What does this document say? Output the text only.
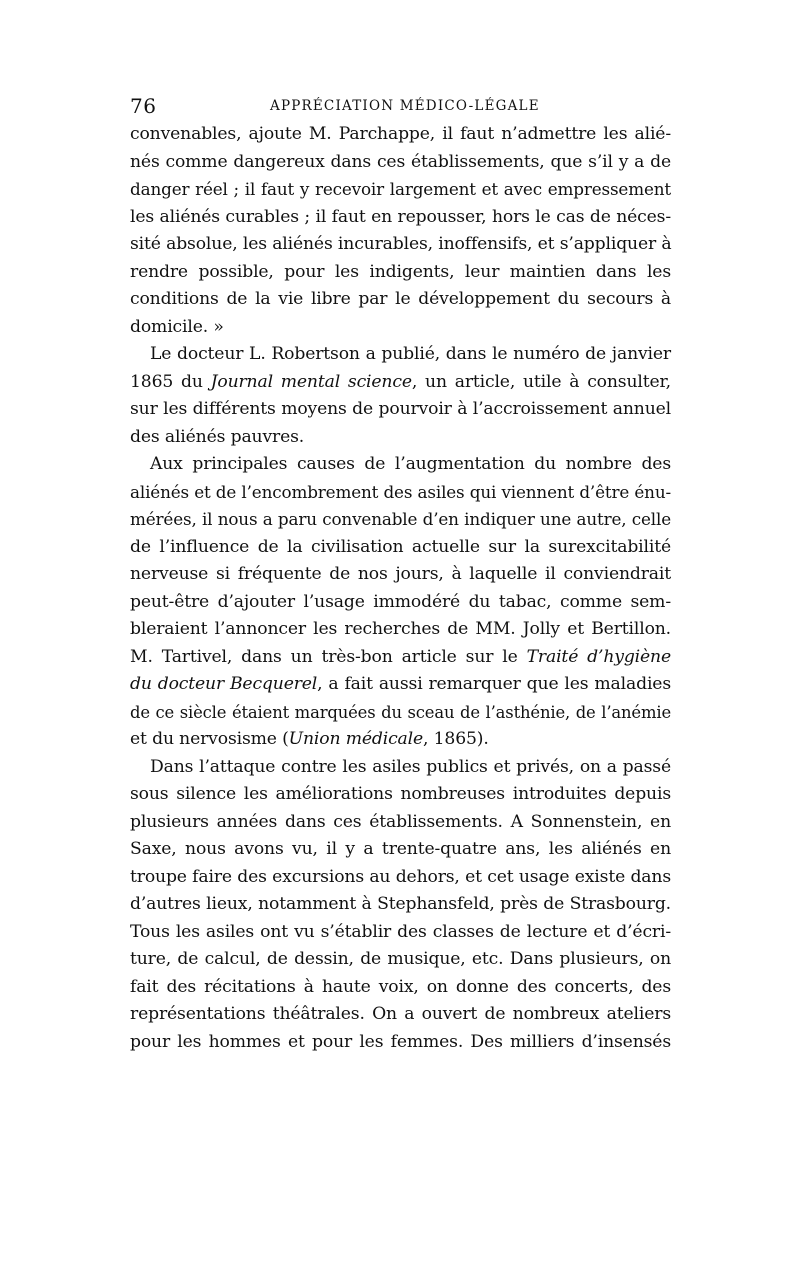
76	APPRÉCIATION MÉDICO-LÉGALE
convenables, ajoute M. Parchappe, il faut n’admettre les alié-
nés comme dangereux dans ces établissements, que s’il y a de
danger réel ; il faut y recevoir largement et avec empressement
les aliénés curables ; il faut en repousser, hors le cas de néces-
sité absolue, les aliénés incurables, inoffensifs, et s’appliquer à
rendre possible, pour les indigents, leur maintien dans les
conditions de la vie libre par le développement du secours à
domicile. »
Le docteur L. Robertson a publié, dans le numéro de janvier
1865 du Journal mental science, un article, utile à consulter,
sur les différents moyens de pourvoir à l’accroissement annuel
des aliénés pauvres.
Aux principales causes de l’augmentation du nombre des
aliénés et de l’encombrement des asiles qui viennent d’être énu-
mérées, il nous a paru convenable d’en indiquer une autre, celle
de l’influence de la civilisation actuelle sur la surexcitabilité
nerveuse si fréquente de nos jours, à laquelle il conviendrait
peut-être d’ajouter l’usage immodéré du tabac, comme sem-
bleraient l’annoncer les recherches de MM. Jolly et Bertillon.
M. Tartivel, dans un très-bon article sur le Traité d’hygiène
du docteur Becquerel, a fait aussi remarquer que les maladies
de ce siècle étaient marquées du sceau de l’asthénie, de l’anémie
et du nervosisme (Union médicale, 1865).
Dans l’attaque contre les asiles publics et privés, on a passé
sous silence les améliorations nombreuses introduites depuis
plusieurs années dans ces établissements. A Sonnenstein, en
Saxe, nous avons vu, il y a trente-quatre ans, les aliénés en
troupe faire des excursions au dehors, et cet usage existe dans
d’autres lieux, notamment à Stephansfeld, près de Strasbourg.
Tous les asiles ont vu s’établir des classes de lecture et d’écri-
ture, de calcul, de dessin, de musique, etc. Dans plusieurs, on
fait des récitations à haute voix, on donne des concerts, des
représentations théâtrales. On a ouvert de nombreux ateliers
pour les hommes et pour les femmes. Des milliers d’insensés
